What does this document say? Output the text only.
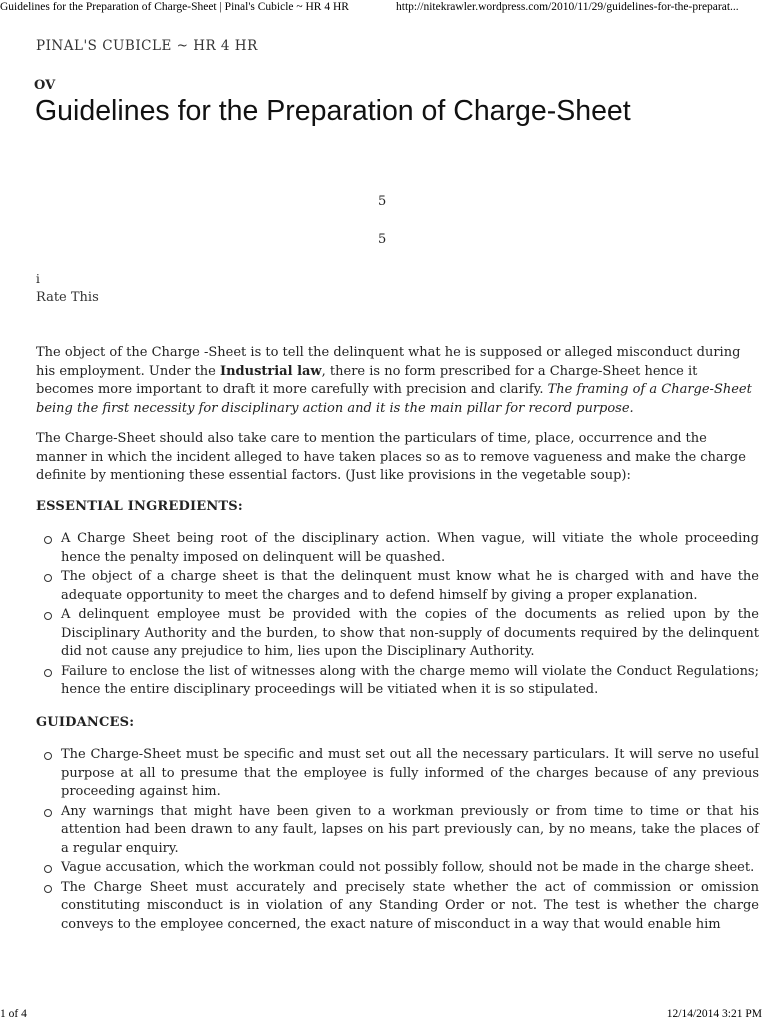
Guidelines for the Preparation of Charge-Sheet | Pinal's Cubicle ~ HR 4 HR	http://nitekrawler.wordpress.com/2010/11/29/guidelines-for-the-preparat...
PINAL'S CUBICLE ~ HR 4 HR
OV
Guidelines for the Preparation of Charge-Sheet
5
5
i
Rate This

The object of the Charge -Sheet is to tell the delinquent what he is supposed or alleged misconduct during his employment. Under the Industrial law, there is no form prescribed for a Charge-Sheet hence it becomes more important to draft it more carefully with precision and clarify. The framing of a Charge-Sheet being the first necessity for disciplinary action and it is the main pillar for record purpose.

The Charge-Sheet should also take care to mention the particulars of time, place, occurrence and the manner in which the incident alleged to have taken places so as to remove vagueness and make the charge definite by mentioning these essential factors. (Just like provisions in the vegetable soup):

ESSENTIAL INGREDIENTS:
A Charge Sheet being root of the disciplinary action. When vague, will vitiate the whole proceeding hence the penalty imposed on delinquent will be quashed.
The object of a charge sheet is that the delinquent must know what he is charged with and have the adequate opportunity to meet the charges and to defend himself by giving a proper explanation.
A delinquent employee must be provided with the copies of the documents as relied upon by the Disciplinary Authority and the burden, to show that non-supply of documents required by the delinquent did not cause any prejudice to him, lies upon the Disciplinary Authority.
Failure to enclose the list of witnesses along with the charge memo will violate the Conduct Regulations; hence the entire disciplinary proceedings will be vitiated when it is so stipulated.
GUIDANCES:
The Charge-Sheet must be specific and must set out all the necessary particulars. It will serve no useful purpose at all to presume that the employee is fully informed of the charges because of any previous proceeding against him.
Any warnings that might have been given to a workman previously or from time to time or that his attention had been drawn to any fault, lapses on his part previously can, by no means, take the places of a regular enquiry.
Vague accusation, which the workman could not possibly follow, should not be made in the charge sheet.
The Charge Sheet must accurately and precisely state whether the act of commission or omission constituting misconduct is in violation of any Standing Order or not. The test is whether the charge conveys to the employee concerned, the exact nature of misconduct in a way that would enable him
1 of 4	12/14/2014 3:21 PM
